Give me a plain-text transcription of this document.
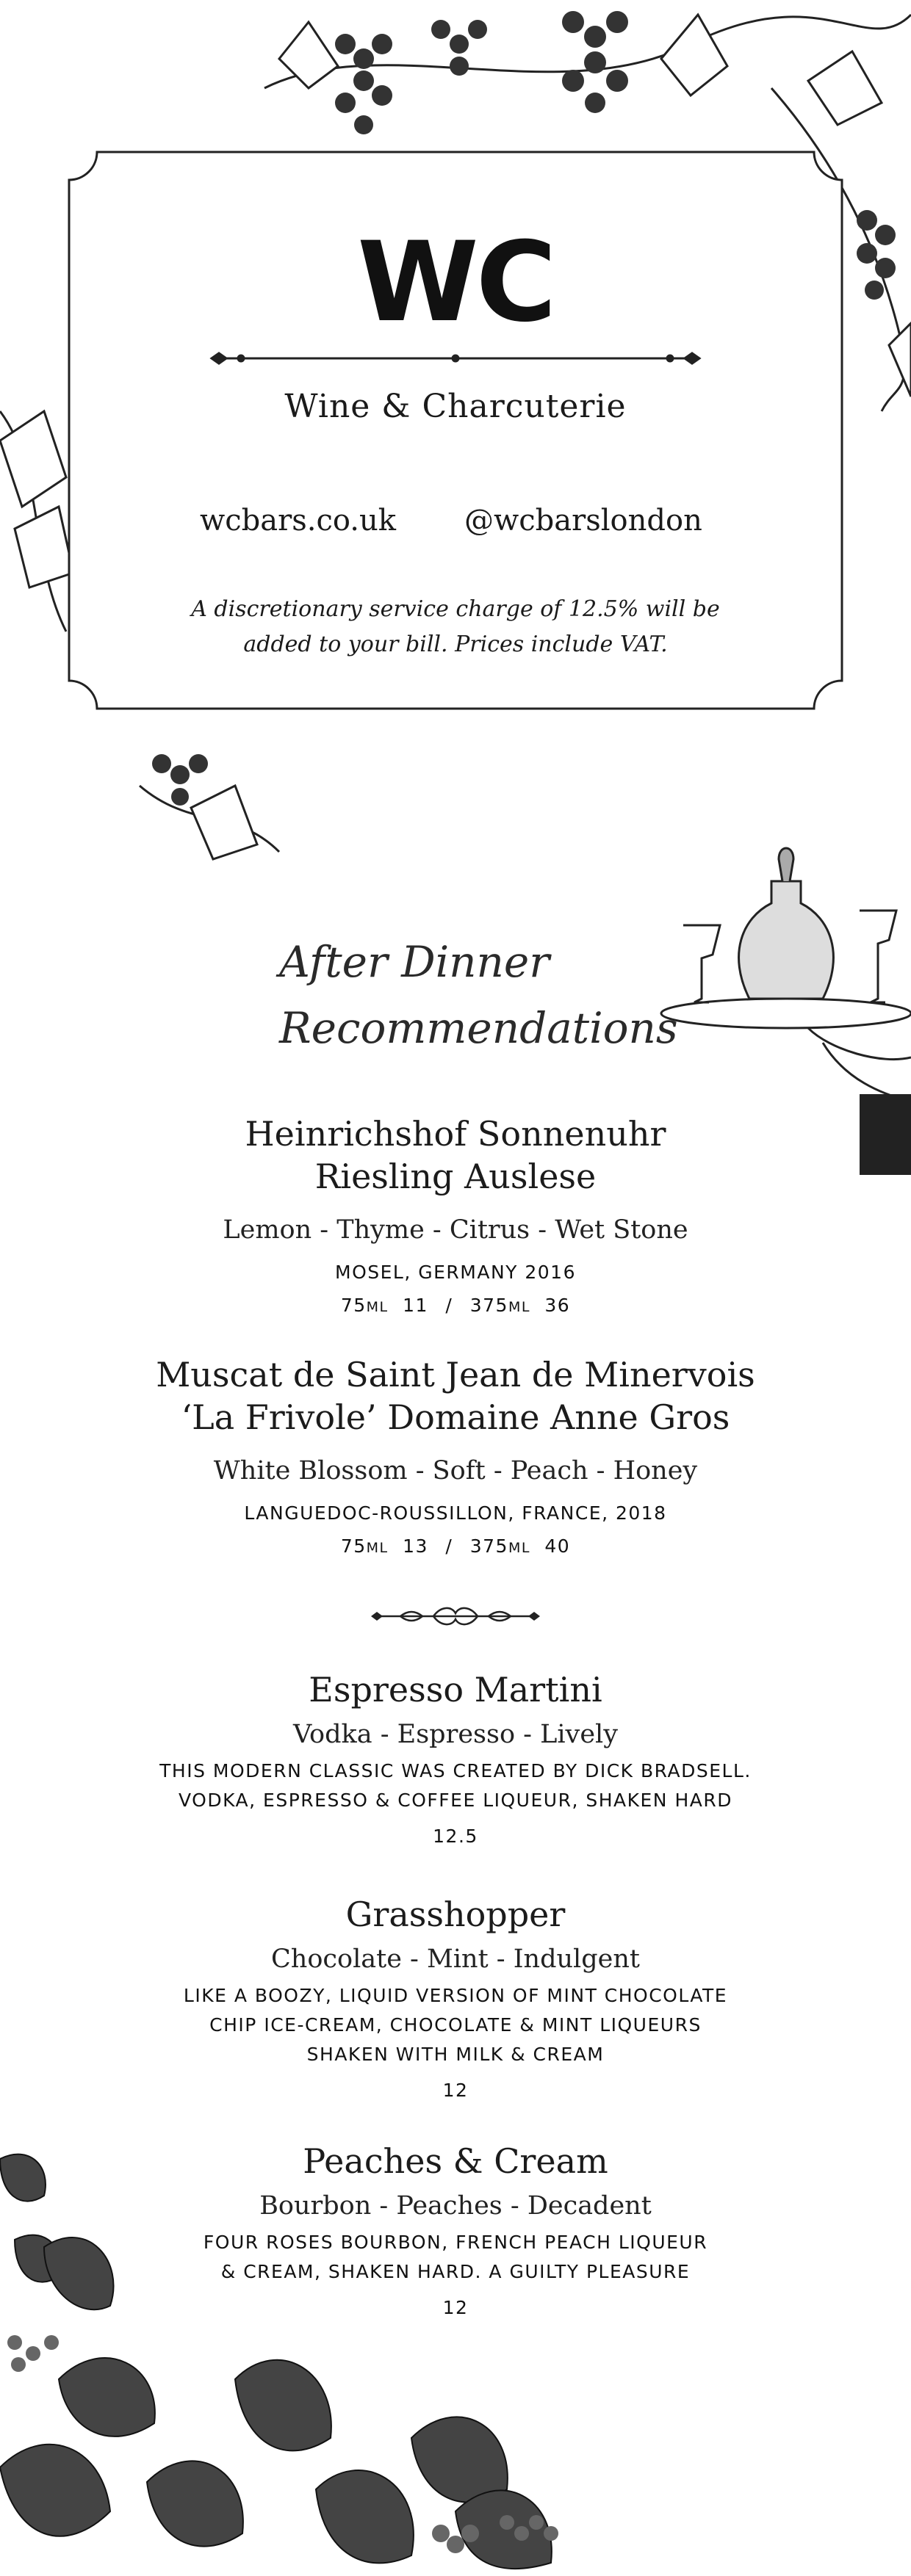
WC
Wine & Charcuterie
wcbars.co.uk @wcbarslondon
A discretionary service charge of 12.5% will be
added to your bill. Prices include VAT.
After Dinner
Recommendations
Heinrichshof Sonnenuhr
Riesling Auslese
Lemon - Thyme - Citrus - Wet Stone
MOSEL, GERMANY 2016
75ML 11 / 375ML 36
Muscat de Saint Jean de Minervois
‘La Frivole’ Domaine Anne Gros
White Blossom - Soft - Peach - Honey
LANGUEDOC-ROUSSILLON, FRANCE, 2018
75ML 13 / 375ML 40
Espresso Martini
Vodka - Espresso - Lively
THIS MODERN CLASSIC WAS CREATED BY DICK BRADSELL.
VODKA, ESPRESSO & COFFEE LIQUEUR, SHAKEN HARD
12.5
Grasshopper
Chocolate - Mint - Indulgent
LIKE A BOOZY, LIQUID VERSION OF MINT CHOCOLATE
CHIP ICE-CREAM, CHOCOLATE & MINT LIQUEURS
SHAKEN WITH MILK & CREAM
12
Peaches & Cream
Bourbon - Peaches - Decadent
FOUR ROSES BOURBON, FRENCH PEACH LIQUEUR
& CREAM, SHAKEN HARD. A GUILTY PLEASURE
12
